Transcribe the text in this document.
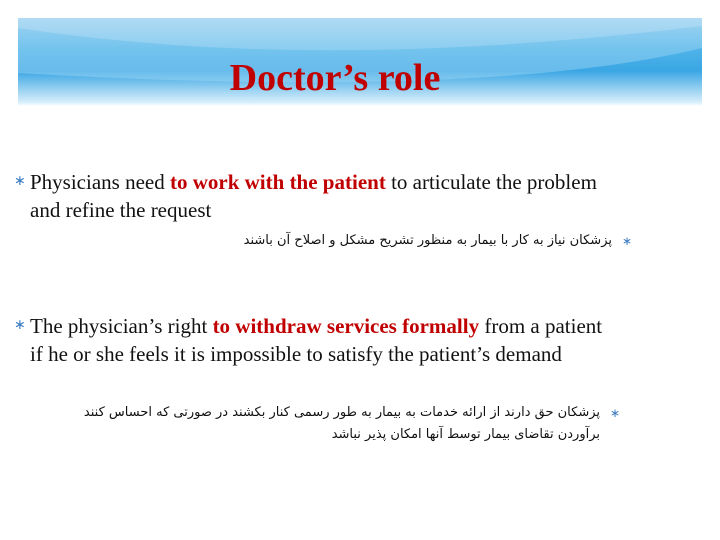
Doctor’s role
∗ Physicians need to work with the patient to articulate the problem and refine the request
∗
پزشکان نیاز به کار با بیمار به منظور تشریح مشکل و اصلاح آن باشند
∗ The physician’s right to withdraw services formally from a patient if he or she feels it is impossible to satisfy the patient’s demand
∗
پزشکان حق دارند از ارائه خدمات به بیمار به طور رسمی کنار بکشند در صورتی که احساس کنند برآوردن تقاضای بیمار توسط آنها امکان پذیر نباشد
